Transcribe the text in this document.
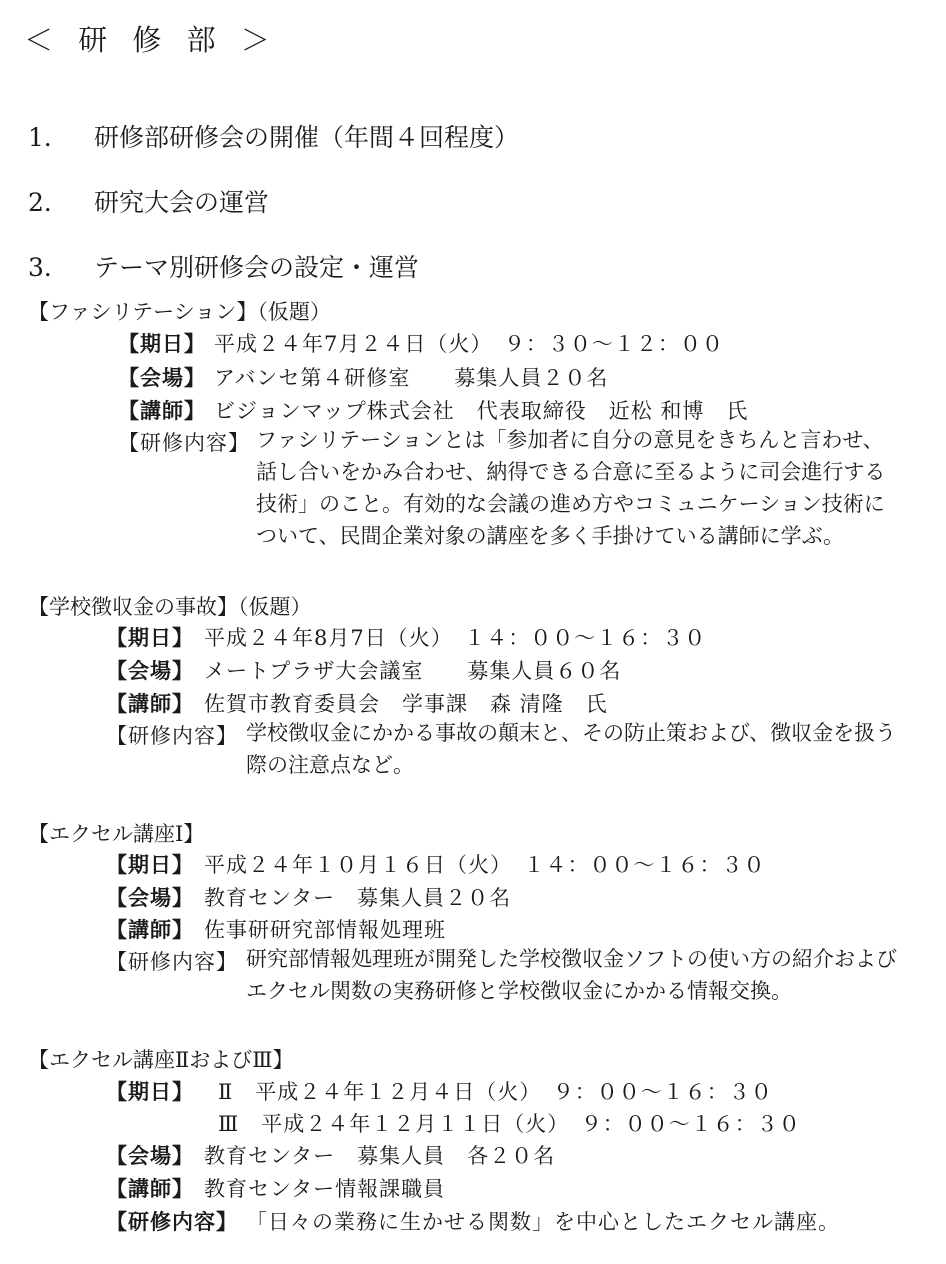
＜ 研 修 部 ＞
1． 研修部研修会の開催（年間４回程度）
2． 研究大会の運営
3． テーマ別研修会の設定・運営
【ファシリテーション】（仮題）
【期日】 平成２４年7月２４日（火）　９：３０～１２：００
【会場】 アバンセ第４研修室　　募集人員２０名
【講師】 ビジョンマップ株式会社　代表取締役　近松 和博　氏
【研修内容】 ファシリテーションとは「参加者に自分の意見をきちんと言わせ、話し合いをかみ合わせ、納得できる合意に至るように司会進行する技術」のこと。有効的な会議の進め方やコミュニケーション技術について、民間企業対象の講座を多く手掛けている講師に学ぶ。
【学校徴収金の事故】（仮題）
【期日】 平成２４年8月7日（火）　１４：００～１６：３０
【会場】 メートプラザ大会議室　　募集人員６０名
【講師】 佐賀市教育委員会　学事課　森 清隆　氏
【研修内容】 学校徴収金にかかる事故の顛末と、その防止策および、徴収金を扱う際の注意点など。
【エクセル講座Ⅰ】
【期日】 平成２４年１０月１６日（火）　１４：００～１６：３０
【会場】 教育センター　募集人員２０名
【講師】 佐事研研究部情報処理班
【研修内容】 研究部情報処理班が開発した学校徴収金ソフトの使い方の紹介およびエクセル関数の実務研修と学校徴収金にかかる情報交換。
【エクセル講座ⅡおよびⅢ】
【期日】 Ⅱ　平成２４年１２月４日（火）　９：００～１６：３０
Ⅲ　平成２４年１２月１１日（火）　９：００～１６：３０
【会場】 教育センター　募集人員　各２０名
【講師】 教育センター情報課職員
【研修内容】 「日々の業務に生かせる関数」を中心としたエクセル講座。
